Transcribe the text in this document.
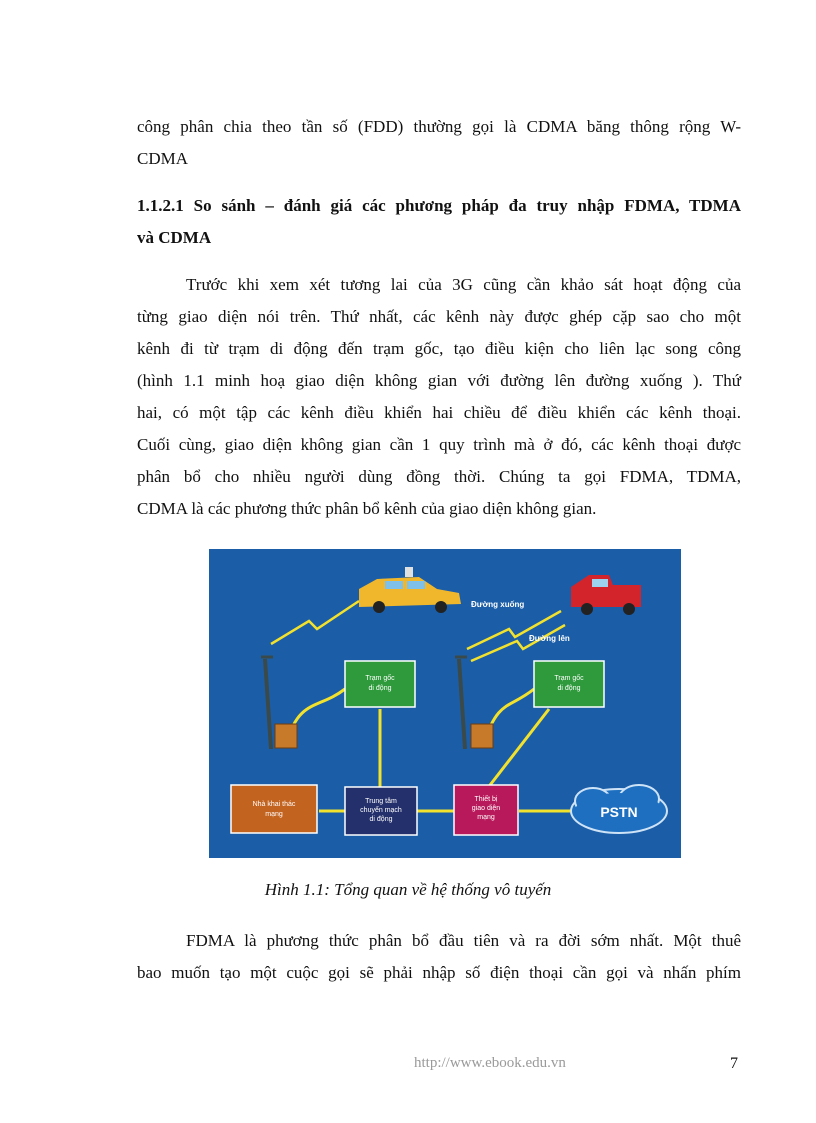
công phân chia theo tần số (FDD) thường gọi là CDMA băng thông rộng W-
CDMA
1.1.2.1 So sánh – đánh giá các phương pháp đa truy nhập FDMA, TDMA
và CDMA
Trước khi xem xét tương lai của 3G cũng cần khảo sát hoạt động của
từng giao diện nói trên. Thứ nhất, các kênh này được ghép cặp sao cho một
kênh đi từ trạm di động đến trạm gốc, tạo điều kiện cho liên lạc song công
(hình 1.1 minh hoạ giao diện không gian với đường lên đường xuống ). Thứ
hai, có một tập các kênh điều khiển hai chiều để điều khiển các kênh thoại.
Cuối cùng, giao diện không gian cần 1 quy trình mà ở đó, các kênh thoại được
phân bổ cho nhiều người dùng đồng thời. Chúng ta gọi FDMA, TDMA,
CDMA là các phương thức phân bổ kênh của giao diện không gian.
Đường xuống
Đường lên
Trạm gốc
di động
Trạm gốc
di động
Nhà khai thác
mạng
Trung tâm
chuyển mạch
di động
Thiết bị
giao diện
mạng	PSTN
Hình 1.1: Tổng quan về hệ thống vô tuyến
FDMA là phương thức phân bổ đầu tiên và ra đời sớm nhất. Một thuê
bao muốn tạo một cuộc gọi sẽ phải nhập số điện thoại cần gọi và nhấn phím
http://www.ebook.edu.vn	7
